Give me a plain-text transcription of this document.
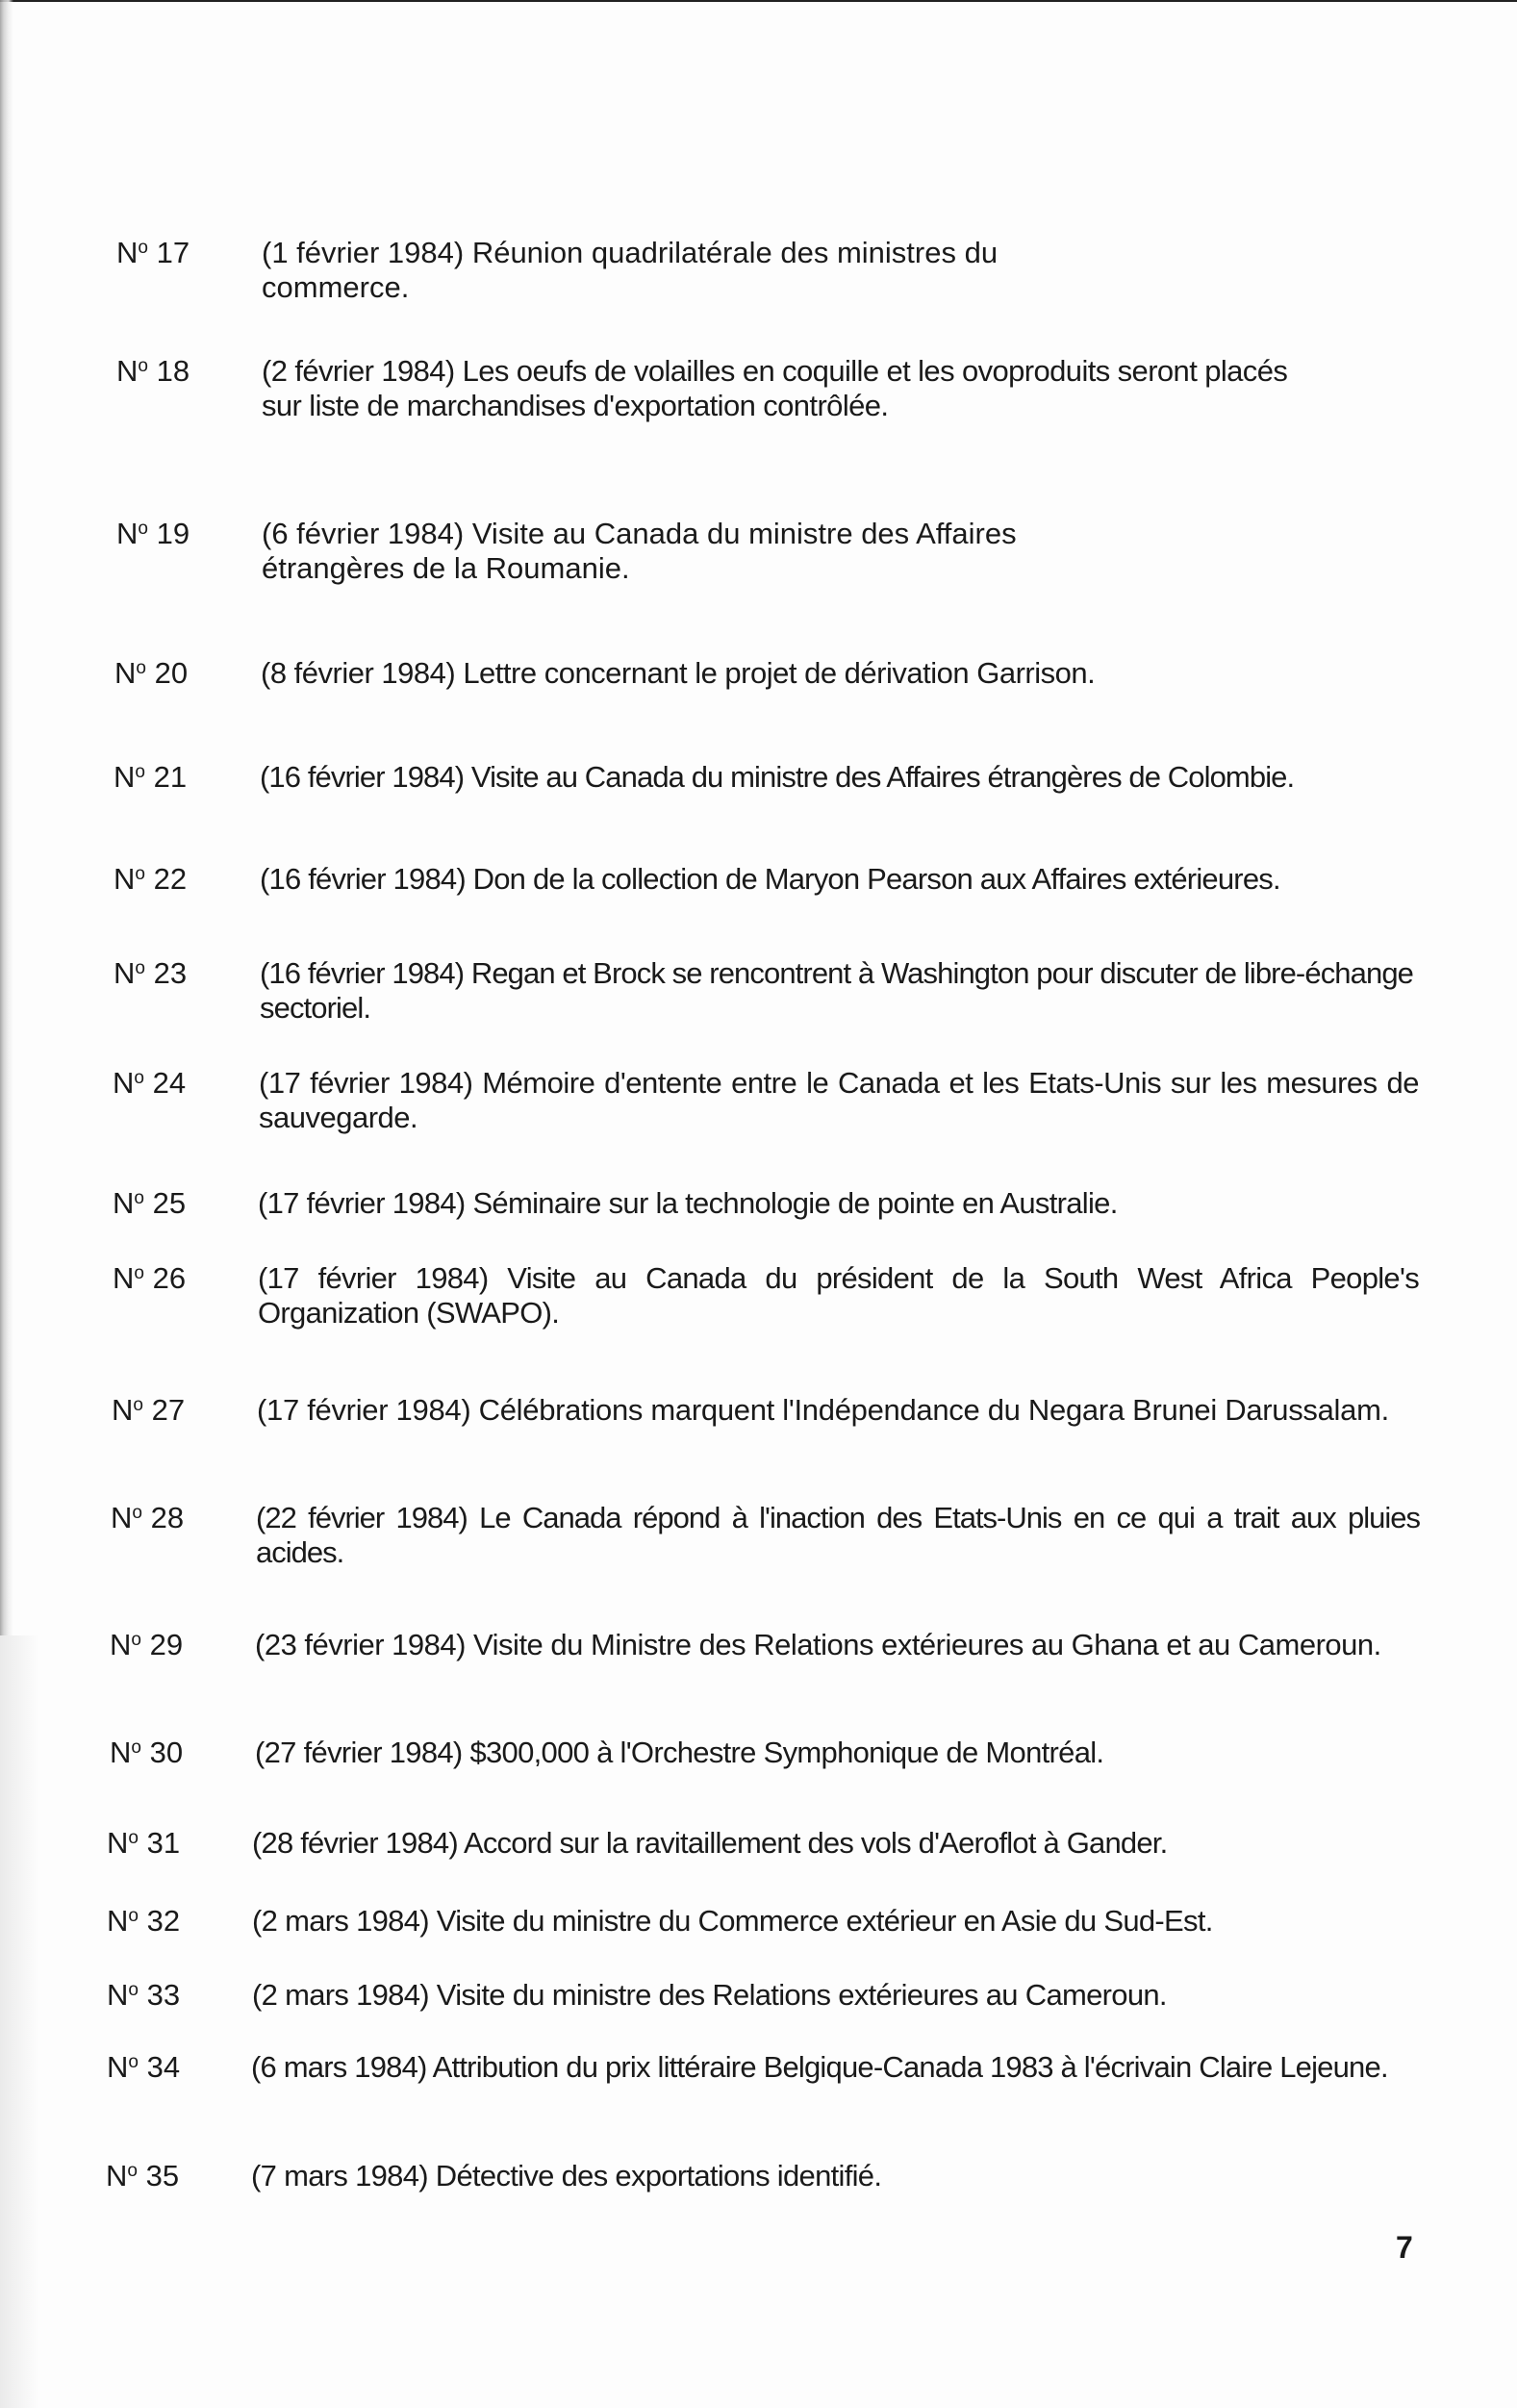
$N^o$ 17	(1 février 1984) Réunion quadrilatérale des ministres du commerce.
$N^o$ 18	(2 février 1984) Les oeufs de volailles en coquille et les ovoproduits seront placés sur liste de marchandises d'exportation contrôlée.
$N^o$ 19	(6 février 1984) Visite au Canada du ministre des Affaires étrangères de la Roumanie.
$N^o$ 20	(8 février 1984) Lettre concernant le projet de dérivation Garrison.
$N^o$ 21	(16 février 1984) Visite au Canada du ministre des Affaires étrangères de Colombie.
$N^o$ 22	(16 février 1984) Don de la collection de Maryon Pearson aux Affaires extérieures.
$N^o$ 23	(16 février 1984) Regan et Brock se rencontrent à Washington pour discuter de libre-échange sectoriel.
$N^o$ 24	(17 février 1984) Mémoire d'entente entre le Canada et les Etats-Unis sur les mesures de sauvegarde.
$N^o$ 25	(17 février 1984) Séminaire sur la technologie de pointe en Australie.
$N^o$ 26	(17 février 1984) Visite au Canada du président de la South West Africa People's Organization (SWAPO).
$N^o$ 27	(17 février 1984) Célébrations marquent l'Indépendance du Negara Brunei Darussalam.
$N^o$ 28	(22 février 1984) Le Canada répond à l'inaction des Etats-Unis en ce qui a trait aux pluies acides.
$N^o$ 29	(23 février 1984) Visite du Ministre des Relations extérieures au Ghana et au Cameroun.
$N^o$ 30	(27 février 1984) $300,000 à l'Orchestre Symphonique de Montréal.
$N^o$ 31	(28 février 1984) Accord sur la ravitaillement des vols d'Aeroflot à Gander.
$N^o$ 32	(2 mars 1984) Visite du ministre du Commerce extérieur en Asie du Sud-Est.
$N^o$ 33	(2 mars 1984) Visite du ministre des Relations extérieures au Cameroun.
$N^o$ 34	(6 mars 1984) Attribution du prix littéraire Belgique-Canada 1983 à l'écrivain Claire Lejeune.
$N^o$ 35	(7 mars 1984) Détective des exportations identifié.
7
